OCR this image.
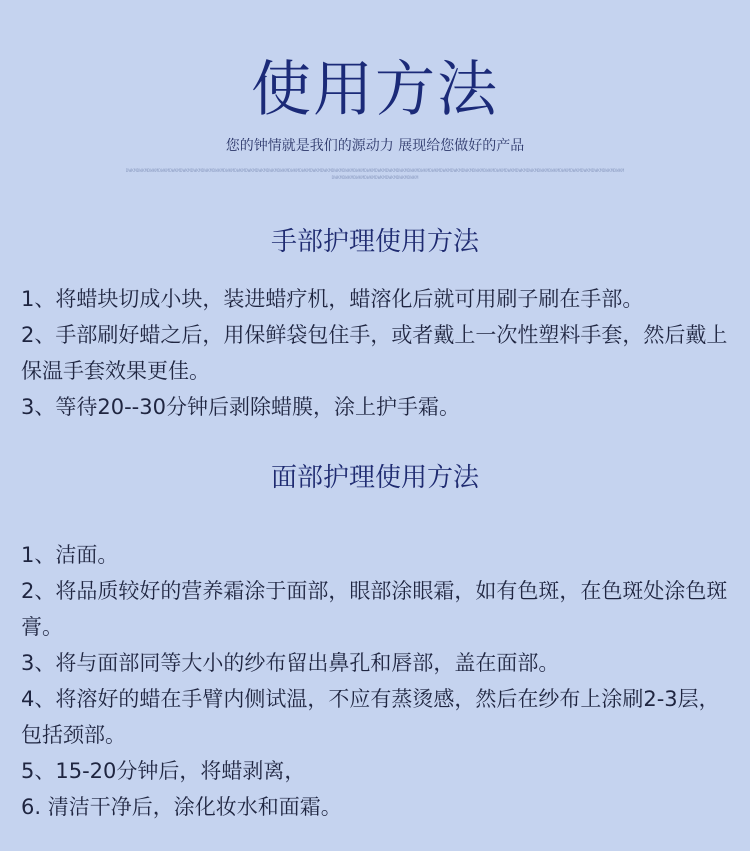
使用方法
您的钟情就是我们的源动力 展现给您做好的产品
DWKMDWKMDWKMDWKMDWKMDWKMDWKMDWKMDWKMDWKMDWKMDWKMDWKMDWKMDWKMDWKMDWKMDWKMDWKMDWKMDWKMDWKMDWKMDWKMDWKMDWKMDWKMDWKMDWKMDWKMDWKMDWKMDWKMDWKMDWKMDWKMDWKMDWKMDWKMDWKMDWKMDWKMDWKMDWKMDWKMDWKMDWKMDWKMDWKMDWKMDWKMDWKMDWKMDWKM
手部护理使用方法
1、将蜡块切成小块，装进蜡疗机，蜡溶化后就可用刷子刷在手部。
2、手部刷好蜡之后，用保鲜袋包住手，或者戴上一次性塑料手套，然后戴上保温手套效果更佳。
3、等待20--30分钟后剥除蜡膜，涂上护手霜。
面部护理使用方法
1、洁面。
2、将品质较好的营养霜涂于面部，眼部涂眼霜，如有色斑，在色斑处涂色斑膏。
3、将与面部同等大小的纱布留出鼻孔和唇部，盖在面部。
4、将溶好的蜡在手臂内侧试温，不应有蒸烫感，然后在纱布上涂刷2-3层，包括颈部。
5、15-20分钟后，将蜡剥离，
6. 清洁干净后，涂化妆水和面霜。
